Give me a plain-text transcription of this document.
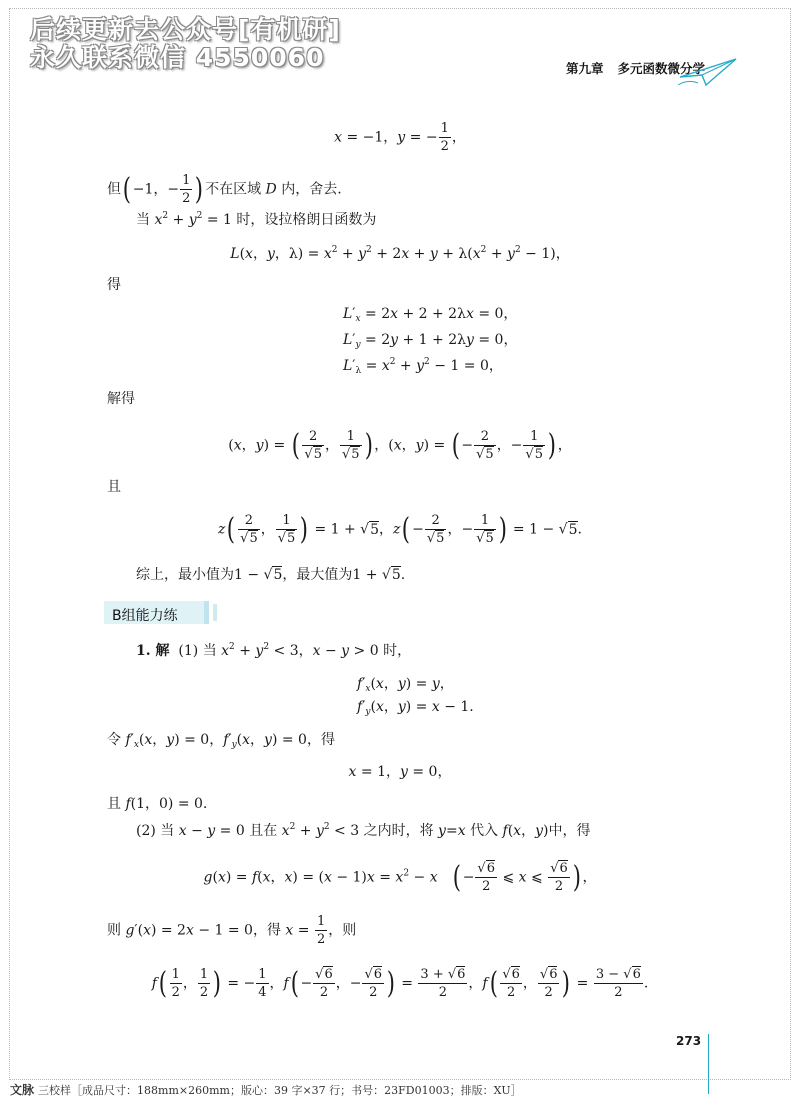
后续更新去公众号[有机研]
永久联系微信 4550060	第九章 多元函数微分学
x = −1，y = − $\frac{1}{2}$ ，
但( −1，− $\frac{1}{2}$ ) 不在区域 D 内，舍去.
当 $x^2 + y^2 = 1$ 时，设拉格朗日函数为
L(x，y，$\lambda) = x^2 + y^2 + 2x + y + \lambda(x^2 + y^2 - 1)$，
得
$L'_x = 2x + 2 + 2\lambda x = 0$，
$L'_y = 2y + 1 + 2\lambda y = 0$，
$L'_\lambda = x^2 + y^2 - 1 = 0$，
解得
(x，y) = ( $\frac{2}{√5}$ ， $\frac{1}{√5}$ ) ，(x，y) = ( − $\frac{2}{√5}$ ，− $\frac{1}{√5}$ ) ，
且
$z( \frac{2}{√5}$ ， $\frac{1}{√5}$ ) = 1 + √5，$z( - \frac{2}{√5}$ ，− $\frac{1}{√5}$ ) = 1 − √5.
综上，最小值为1 − √5，最大值为1 + √5.
B组能力练
1. 解 (1) 当 $x^2 + y^2 < 3$，x − y > 0 时，
$f'_x(x$，y) = y，
$f'_y(x$，y) = x − 1.
令 $f'_x(x$，y) = 0，$f'_y(x$，y) = 0，得
x = 1，y = 0，
且 f(1，0) = 0.
(2) 当 x − y = 0 且在 $x^2 + y^2 < 3$ 之内时，将 y=x 代入 f(x，y)中，得
g(x) = f(x，$x) = (x - 1)x = x^2 - x$ ( − $\frac{√6}{2}$ ⩽ x ⩽ $\frac{√6}{2}$ ) ，
则 g′(x) = 2x − 1 = 0，得 $x = \frac{1}{2}$ ，则
$f( \frac{1}{2}$ ， $\frac{1}{2}$ ) = − $\frac{1}{4}$ ，$f( - \frac{√6}{2}$ ，− $\frac{√6}{2}$ ) = $\frac{3 + √6}{2}$ ，$f( \frac{√6}{2}$ ， $\frac{√6}{2}$ ) = $\frac{3 - √6}{2}$ .
273
文脉 三校样［成品尺寸：188mm×260mm；版心：39 字×37 行；书号：23FD01003；排版：XU］
